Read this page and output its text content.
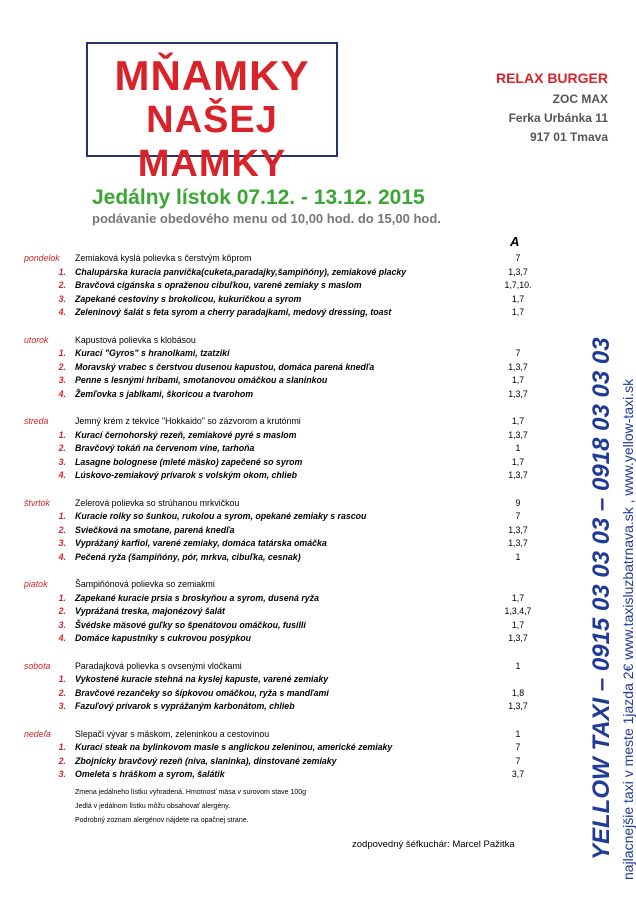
MŇAMKY
NAŠEJ MAMKY
RELAX BURGER
ZOC MAX
Ferka Urbánka 11
917 01 Tmava
Jedálny lístok 07.12. - 13.12. 2015
podávanie obedového menu od 10,00 hod. do 15,00 hod.
A
pondelok Zemiaková kyslá polievka s čerstvým kôprom	7
1. Chalupárska kuracia panvička(cuketa,paradajky,šampiňóny), zemiakové placky	1,3,7
2. Bravčová cigánska s opraženou cibuľkou, varené zemiaky s maslom	1,7,10.
3. Zapekané cestoviny s brokolicou, kukuričkou a syrom	1,7
4. Zeleninový šalát s feta syrom a cherry paradajkami, medový dressing, toast	1,7
utorok	Kapustová polievka s klobásou
1. Kurací "Gyros" s hranolkami, tzatziki	7
2. Moravský vrabec s čerstvou dusenou kapustou, domáca parená knedľa	1,3,7
3. Penne s lesnými hríbami, smotanovou omáčkou a slaninkou	1,7
4. Žemľovka s jablkami, škoricou a tvarohom	1,3,7
streda	Jemný krém z tekvice "Hokkaido" so zázvorom a krutónmi	1,7
1. Kurací černohorský rezeň, zemiakové pyré s maslom	1,3,7
2. Bravčový tokáň na červenom víne, tarhoňa	1
3. Lasagne bolognese (mleté mäsko) zapečené so syrom	1,7
4. Lúskovo-zemiakový prívarok s volským okom, chlieb	1,3,7
štvrtok	Zelerová polievka so strúhanou mrkvičkou	9
1. Kuracie rolky so šunkou, rukolou a syrom, opekané zemiaky s rascou	7
2. Sviečková na smotane, parená knedľa	1,3,7
3. Vyprážaný karfiol, varené zemiaky, domáca tatárska omáčka	1,3,7
4. Pečená ryža (šampiňóny, pór, mrkva, cibuľka, cesnak)	1
piatok	Šampiňónová polievka so zemiakmi
1. Zapekané kuracie prsia s broskyňou a syrom, dusená ryža	1,7
2. Vyprážaná treska, majonézový šalát	1,3,4,7
3. Švédske mäsové guľky so špenátovou omáčkou, fusilli	1,7
4. Domáce kapustníky s cukrovou posýpkou	1,3,7
sobota	Paradajková polievka s ovsenými vločkami	1
1. Vykostené kuracie stehná na kyslej kapuste, varené zemiaky
2. Bravčové rezančeky so šípkovou omáčkou, ryža s mandľami	1,8
3. Fazuľový prívarok s vyprážaným karbonátom, chlieb	1,3,7
nedeľa	Slepačí vývar s mäskom, zeleninkou a cestovinou	1
1. Kurací steak na bylinkovom masle s anglickou zeleninou, americké zemiaky	7
2. Zbojnícky bravčový rezeň (niva, slaninka), dinstované zemiaky	7
3. Omeleta s hráškom a syrom, šalátik	3,7
Zmena jedálneho lístku vyhradená. Hmotnosť mäsa v surovom stave 100g
Jedlá v jedálnom lístku môžu obsahovať alergény.
Podrobný zoznam alergénov nájdete na opačnej strane.
zodpovedný šéfkuchár: Marcel Pažitka	YELLOW TAXI – 0915 03 03 03 – 0918 03 03 03 najlacnejšie taxi v meste 1jazda 2€ www.taxisluzbatrnava.sk , www.yellow-taxi.sk
